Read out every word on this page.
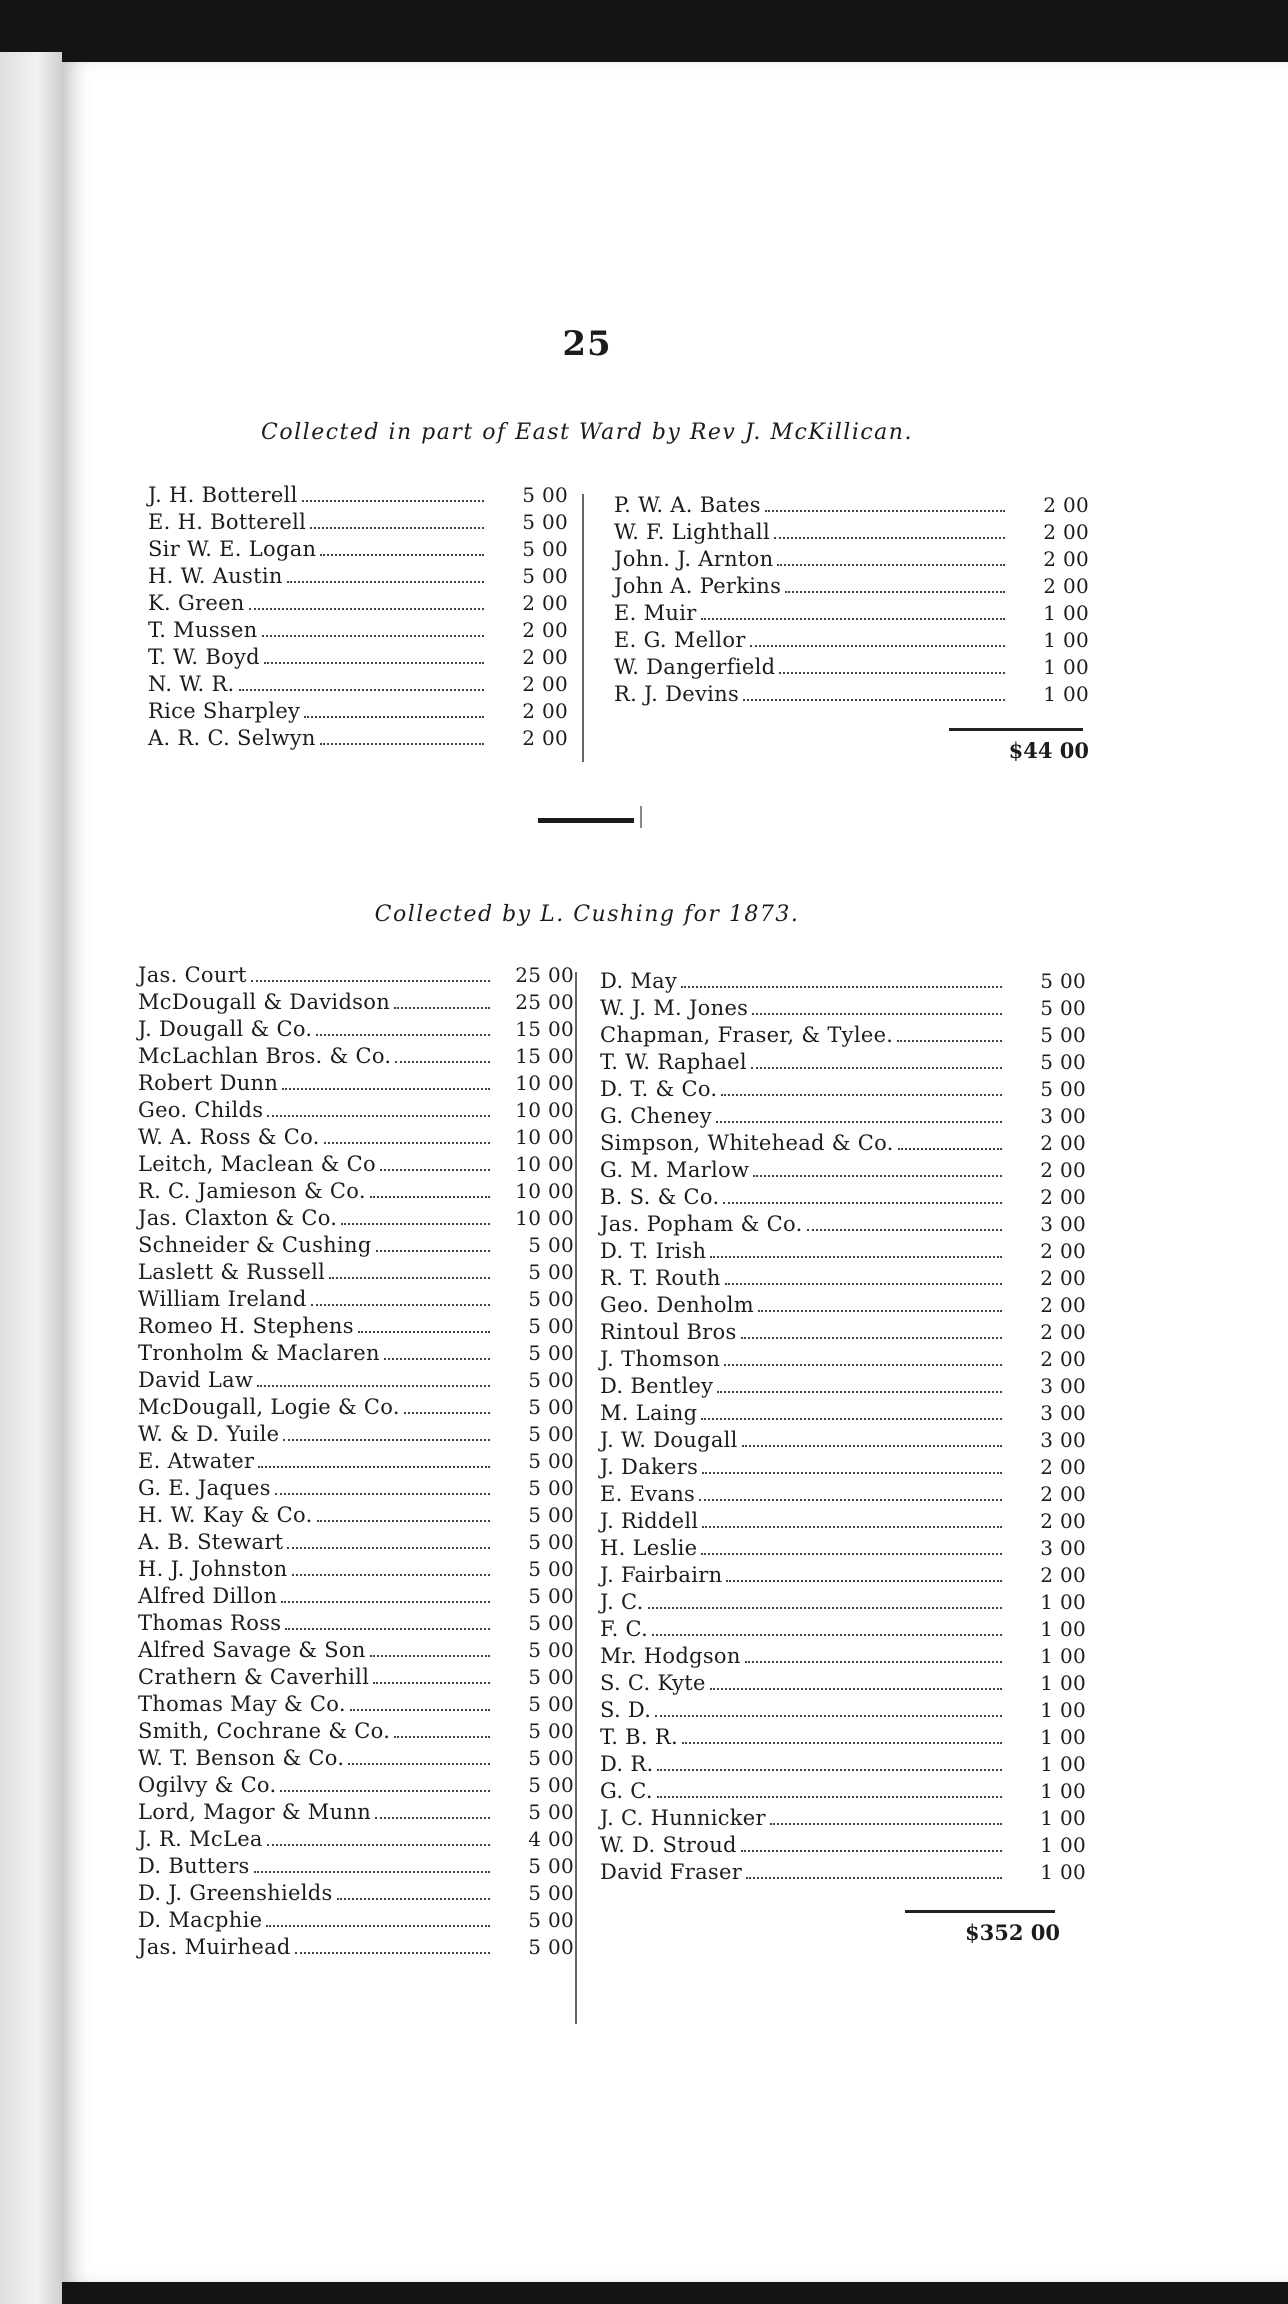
25
Collected in part of East Ward by Rev J. McKillican.
J. H. Botterell	5 00
E. H. Botterell	5 00
Sir W. E. Logan	5 00
H. W. Austin	5 00
K. Green	2 00
T. Mussen	2 00
T. W. Boyd	2 00
N. W. R.	2 00
Rice Sharpley	2 00
A. R. C. Selwyn	2 00
P. W. A. Bates	2 00
W. F. Lighthall	2 00
John. J. Arnton	2 00
John A. Perkins	2 00
E. Muir	1 00
E. G. Mellor	1 00
W. Dangerfield	1 00
R. J. Devins	1 00
$44 00
Collected by L. Cushing for 1873.
Jas. Court	25 00
McDougall & Davidson	25 00
J. Dougall & Co.	15 00
McLachlan Bros. & Co.	15 00
Robert Dunn	10 00
Geo. Childs	10 00
W. A. Ross & Co.	10 00
Leitch, Maclean & Co	10 00
R. C. Jamieson & Co.	10 00
Jas. Claxton & Co.	10 00
Schneider & Cushing	5 00
Laslett & Russell	5 00
William Ireland	5 00
Romeo H. Stephens	5 00
Tronholm & Maclaren	5 00
David Law	5 00
McDougall, Logie & Co.	5 00
W. & D. Yuile	5 00
E. Atwater	5 00
G. E. Jaques	5 00
H. W. Kay & Co.	5 00
A. B. Stewart	5 00
H. J. Johnston	5 00
Alfred Dillon	5 00
Thomas Ross	5 00
Alfred Savage & Son	5 00
Crathern & Caverhill	5 00
Thomas May & Co.	5 00
Smith, Cochrane & Co.	5 00
W. T. Benson & Co.	5 00
Ogilvy & Co.	5 00
Lord, Magor & Munn	5 00
J. R. McLea	4 00
D. Butters	5 00
D. J. Greenshields	5 00
D. Macphie	5 00
Jas. Muirhead	5 00
D. May	5 00
W. J. M. Jones	5 00
Chapman, Fraser, & Tylee.	5 00
T. W. Raphael	5 00
D. T. & Co.	5 00
G. Cheney	3 00
Simpson, Whitehead & Co.	2 00
G. M. Marlow	2 00
B. S. & Co.	2 00
Jas. Popham & Co.	3 00
D. T. Irish	2 00
R. T. Routh	2 00
Geo. Denholm	2 00
Rintoul Bros	2 00
J. Thomson	2 00
D. Bentley	3 00
M. Laing	3 00
J. W. Dougall	3 00
J. Dakers	2 00
E. Evans	2 00
J. Riddell	2 00
H. Leslie	3 00
J. Fairbairn	2 00
J. C.	1 00
F. C.	1 00
Mr. Hodgson	1 00
S. C. Kyte	1 00
S. D.	1 00
T. B. R.	1 00
D. R.	1 00
G. C.	1 00
J. C. Hunnicker	1 00
W. D. Stroud	1 00
David Fraser	1 00
$352 00
